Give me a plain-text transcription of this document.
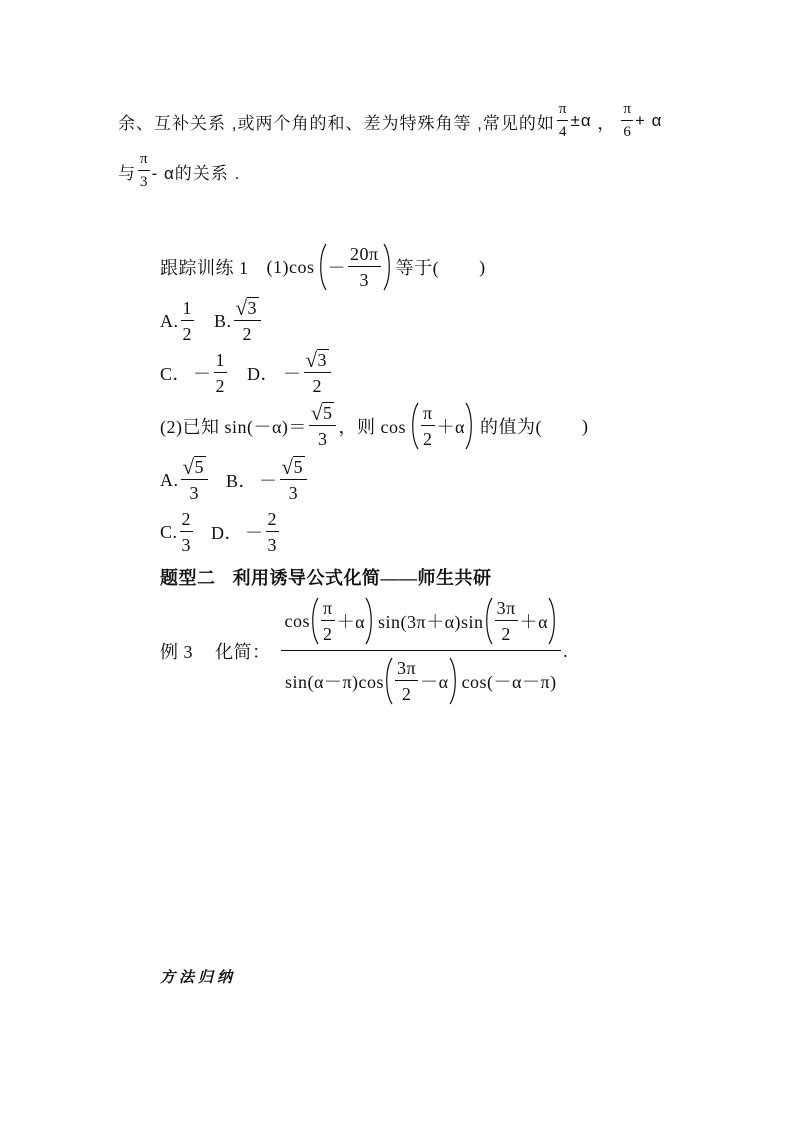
余、互补关系 ,或两个角的和、差为特殊角等 ,常见的如 $\frac{\pi}{4} \pm\alpha$ ， $\frac{\pi}{6} + \alpha$
与 $\frac{\pi}{3}$ - α的关系 .
跟踪训练 1 $(1)\cos - \frac{20\pi}{3}$ 等于( )
A. $\frac{1}{2} B$. $\frac{√ 3}{2}$
C． － $\frac{1}{2}$ D． － $\frac{√ 3}{2}$
(2)已知 $\sin(-\alpha)= \frac{√ 5}{3}$ ，则 $\cos \frac{\pi}{2} +\alpha$ 的值为( )
A. $\frac{√ 5}{3}$ B． － $\frac{√ 5}{3}$
C. $\frac{2}{3}$ D． － $\frac{2}{3}$
题型二 利用诱导公式化简——师生共研
例 3 化简：
$\cos \frac{\pi}{2} +\alpha$ $\sin(3\pi+\alpha)\sin \frac{3\pi}{2} +\alpha$
$\sin(\alpha-\pi)\cos \frac{3\pi}{2} -\alpha$ cos(－α－π)
.
方法归纳
